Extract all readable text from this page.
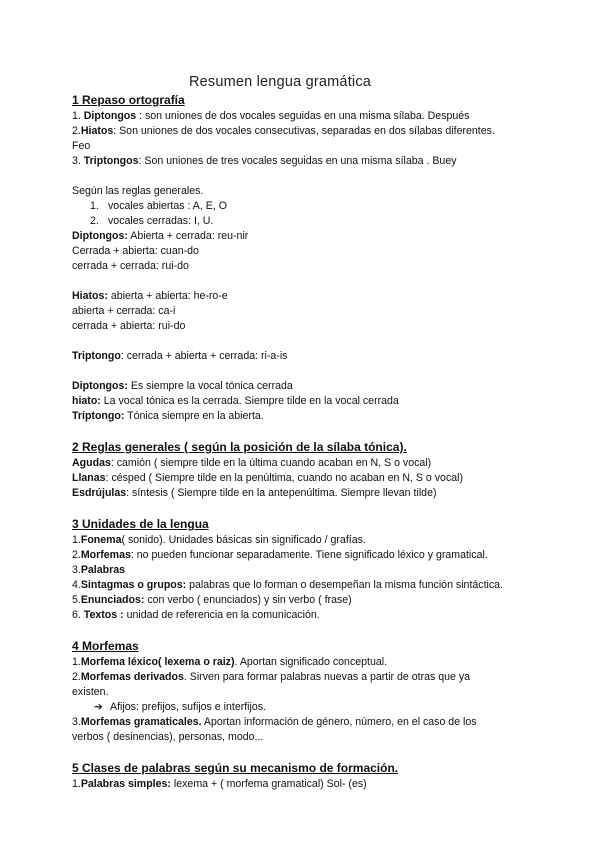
Resumen lengua gramática
1 Repaso ortografía

1. Diptongos : son uniones de dos vocales seguidas en una misma sílaba. Después

2.Hiatos: Son uniones de dos vocales consecutivas, separadas en dos sílabas diferentes.

Feo

3. Triptongos: Son uniones de tres vocales seguidas en una misma sílaba . Buey

Según las reglas generales.

1. vocales abiertas : A, E, O

2. vocales cerradas: I, U.

Diptongos: Abierta + cerrada: reu-nir

Cerrada + abierta: cuan-do

cerrada + cerrada: rui-do

Hiatos: abierta + abierta: he-ro-e

abierta + cerrada: ca-i

cerrada + abierta: rui-do

Triptongo: cerrada + abierta + cerrada: ri-a-is

Diptongos: Es siempre la vocal tónica cerrada

hiato: La vocal tónica es la cerrada. Siempre tilde en la vocal cerrada

Triptongo: Tónica siempre en la abierta.

2 Reglas generales ( según la posición de la sílaba tónica).

Agudas: camión ( siempre tilde en la última cuando acaban en N, S o vocal)

Llanas: césped ( Siempre tilde en la penúltima, cuando no acaban en N, S o vocal)

Esdrújulas: síntesis ( Siempre tilde en la antepenúltima. Siempre llevan tilde)

3 Unidades de la lengua

1.Fonema( sonido). Unidades básicas sin significado / grafías.

2.Morfemas: no pueden funcionar separadamente. Tiene significado léxico y gramatical.

3.Palabras

4.Sintagmas o grupos: palabras que lo forman o desempeñan la misma función sintáctica.

5.Enunciados: con verbo ( enunciados) y sin verbo ( frase)

6. Textos : unidad de referencia en la comunicación.

4 Morfemas

1.Morfema léxico( lexema o raiz). Aportan significado conceptual.

2.Morfemas derivados. Sirven para formar palabras nuevas a partir de otras que ya

existen.

➔ Afijos: prefijos, sufijos e interfijos.

3.Morfemas gramaticales. Aportan información de género, número, en el caso de los

verbos ( desinencias), personas, modo...

5 Clases de palabras según su mecanismo de formación.

1.Palabras simples: lexema + ( morfema gramatical) Sol- (es)
